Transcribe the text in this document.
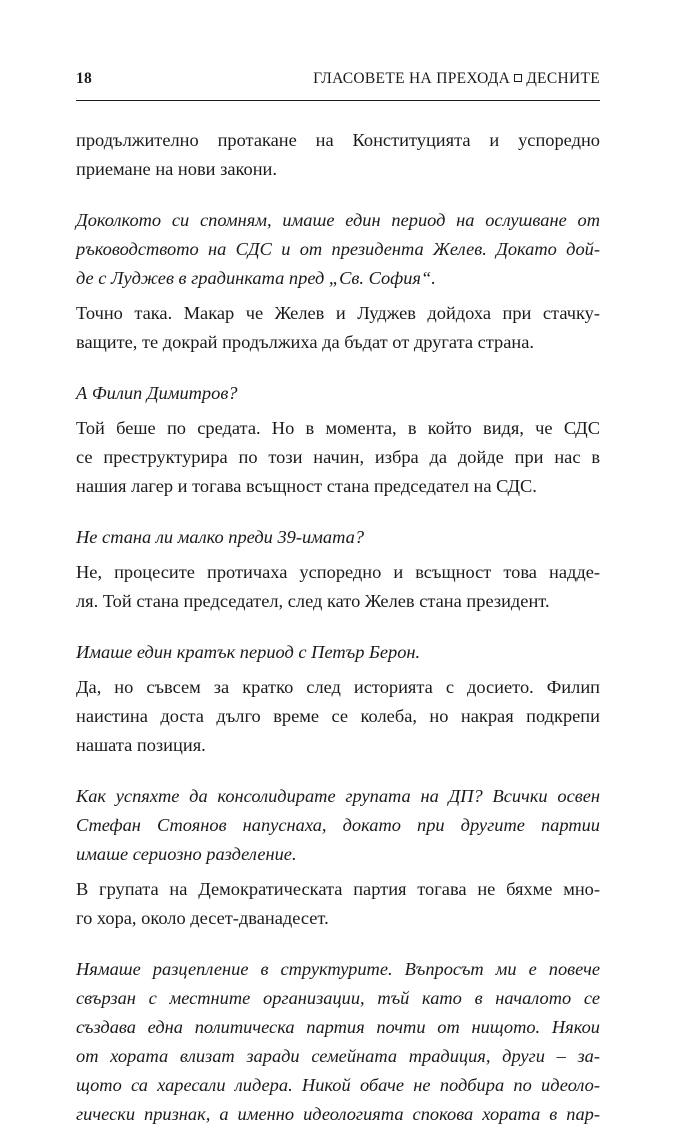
18	ГЛАСОВЕТЕ НА ПРЕХОДА ДЕСНИТЕ
продължително протакане на Конституцията и успоредно
приемане на нови закони.
Доколкото си спомням, имаше един период на ослушване от
ръководството на СДС и от президента Желев. Докато дой-
де с Луджев в градинката пред „Св. София“.
Точно така. Макар че Желев и Луджев дойдоха при стачку-
ващите, те докрай продължиха да бъдат от другата страна.
А Филип Димитров?
Той беше по средата. Но в момента, в който видя, че СДС
се преструктурира по този начин, избра да дойде при нас в
нашия лагер и тогава всъщност стана председател на СДС.
Не стана ли малко преди 39-имата?
Не, процесите протичаха успоредно и всъщност това надде-
ля. Той стана председател, след като Желев стана президент.
Имаше един кратък период с Петър Берон.
Да, но съвсем за кратко след историята с досието. Филип
наистина доста дълго време се колеба, но накрая подкрепи
нашата позиция.
Как успяхте да консолидирате групата на ДП? Всички освен
Стефан Стоянов напуснаха, докато при другите партии
имаше сериозно разделение.
В групата на Демократическата партия тогава не бяхме мно-
го хора, около десет-дванадесет.
Нямаше разцепление в структурите. Въпросът ми е повече
свързан с местните организации, тъй като в началото се
създава една политическа партия почти от нищото. Някои
от хората влизат заради семейната традиция, други – за-
щото са харесали лидера. Никой обаче не подбира по идеоло-
гически признак, а именно идеологията спокова хората в пар-
